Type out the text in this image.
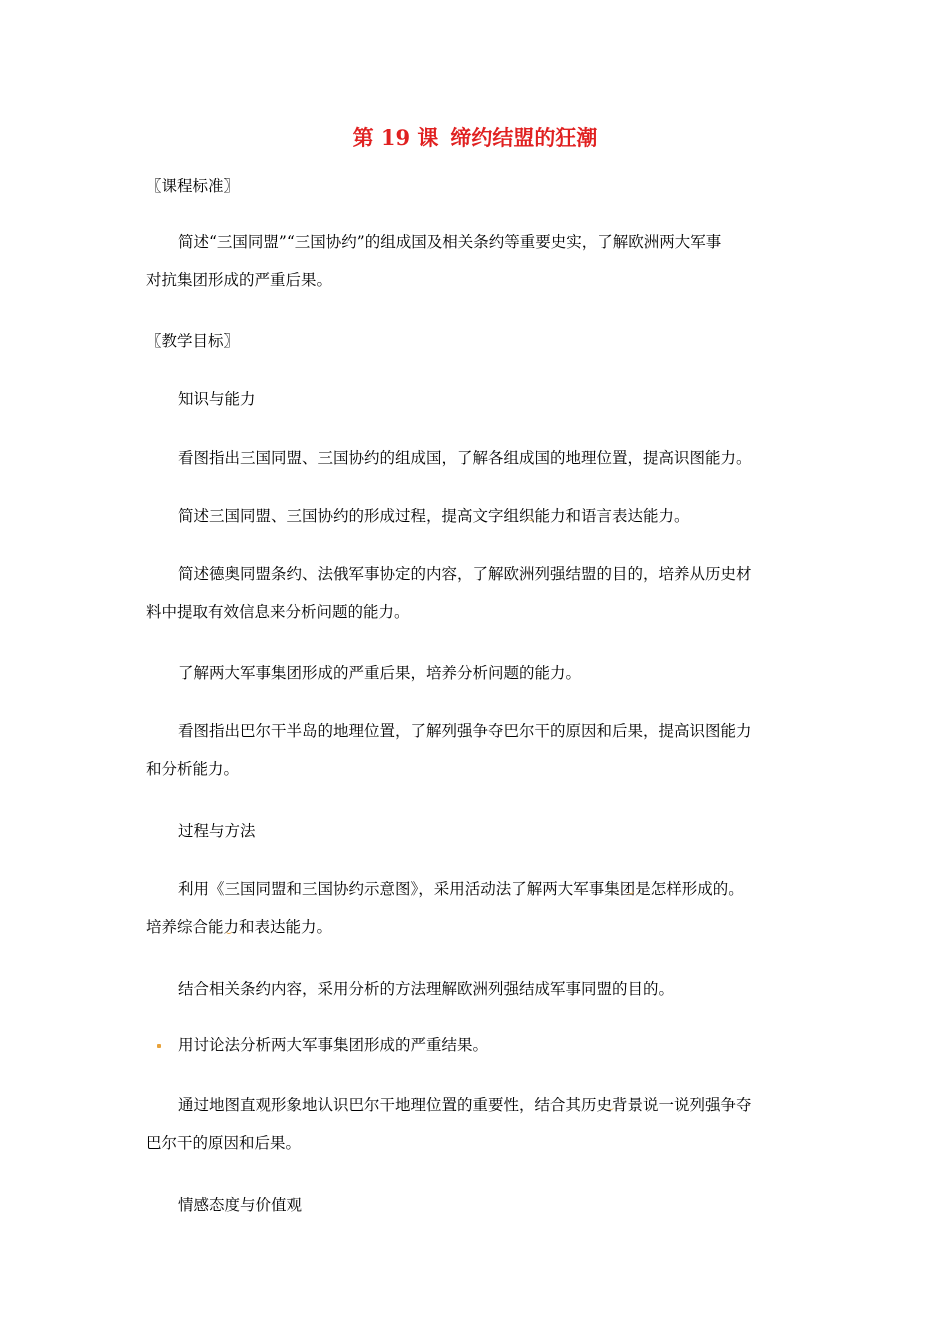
第 19 课 缔约结盟的狂潮
〖课程标准〗
简述“三国同盟”“三国协约”的组成国及相关条约等重要史实，了解欧洲两大军事
对抗集团形成的严重后果。
〖教学目标〗
知识与能力
看图指出三国同盟、三国协约的组成国，了解各组成国的地理位置，提高识图能力。
简述三国同盟、三国协约的形成过程，提高文字组织能力和语言表达能力。
简述德奥同盟条约、法俄军事协定的内容，了解欧洲列强结盟的目的，培养从历史材
料中提取有效信息来分析问题的能力。
了解两大军事集团形成的严重后果，培养分析问题的能力。
看图指出巴尔干半岛的地理位置，了解列强争夺巴尔干的原因和后果，提高识图能力
和分析能力。
过程与方法
利用《三国同盟和三国协约示意图》，采用活动法了解两大军事集团是怎样形成的。
培养综合能力和表达能力。
结合相关条约内容，采用分析的方法理解欧洲列强结成军事同盟的目的。
用讨论法分析两大军事集团形成的严重结果。
通过地图直观形象地认识巴尔干地理位置的重要性，结合其历史背景说一说列强争夺
巴尔干的原因和后果。
情感态度与价值观
